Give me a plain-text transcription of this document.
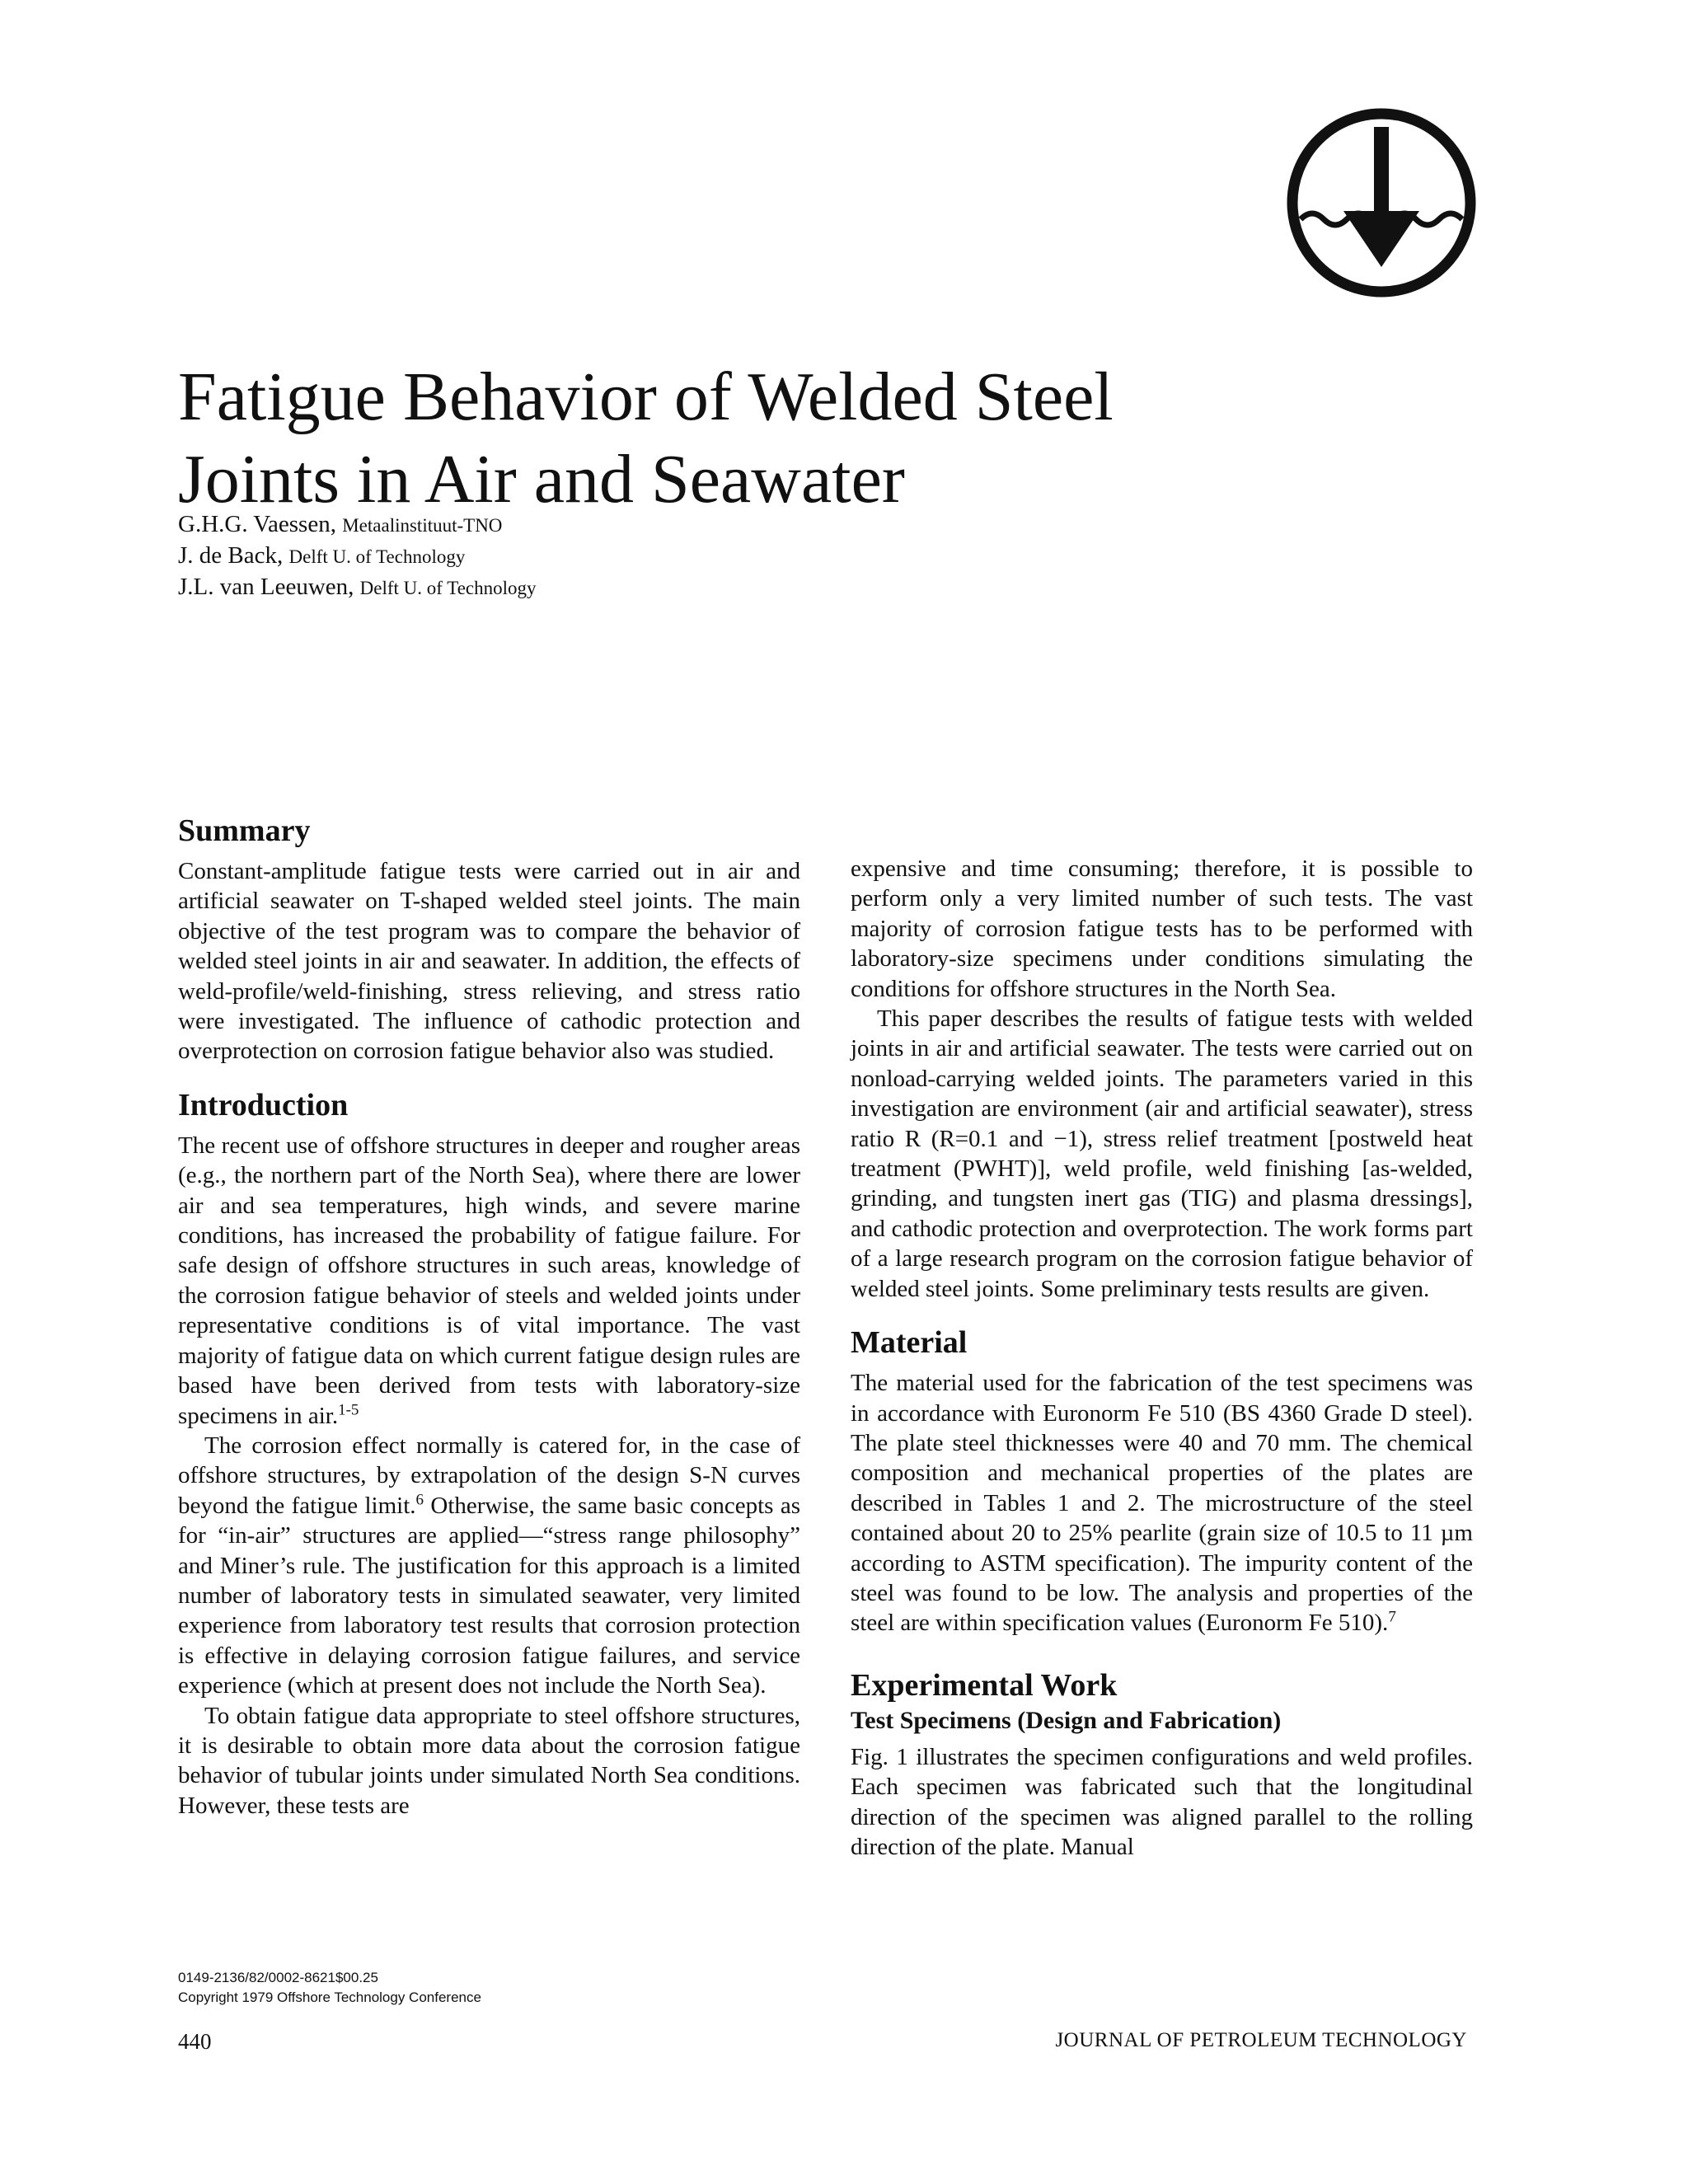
Fatigue Behavior of Welded Steel
Joints in Air and Seawater
G.H.G. Vaessen, Metaalinstituut-TNO
J. de Back, Delft U. of Technology
J.L. van Leeuwen, Delft U. of Technology
Summary

Constant-amplitude fatigue tests were carried out in air and artificial seawater on T-shaped welded steel joints. The main objective of the test program was to compare the behavior of welded steel joints in air and seawater. In addition, the effects of weld-profile/weld-finishing, stress relieving, and stress ratio were investigated. The influence of cathodic protection and overprotection on corrosion fatigue behavior also was studied.

Introduction

The recent use of offshore structures in deeper and rougher areas (e.g., the northern part of the North Sea), where there are lower air and sea temperatures, high winds, and severe marine conditions, has increased the probability of fatigue failure. For safe design of offshore structures in such areas, knowledge of the corrosion fatigue behavior of steels and welded joints under representative conditions is of vital importance. The vast majority of fatigue data on which current fatigue design rules are based have been derived from tests with laboratory-size specimens in air.$^{1-5}$

The corrosion effect normally is catered for, in the case of offshore structures, by extrapolation of the design S-N curves beyond the fatigue limit.$^6$ Otherwise, the same basic concepts as for “in-air” structures are applied—“stress range philosophy” and Miner’s rule. The justification for this approach is a limited number of laboratory tests in simulated seawater, very limited experience from laboratory test results that corrosion protection is effective in delaying corrosion fatigue failures, and service experience (which at present does not include the North Sea).

To obtain fatigue data appropriate to steel offshore structures, it is desirable to obtain more data about the corrosion fatigue behavior of tubular joints under simulated North Sea conditions. However, these tests are

expensive and time consuming; therefore, it is possible to perform only a very limited number of such tests. The vast majority of corrosion fatigue tests has to be performed with laboratory-size specimens under conditions simulating the conditions for offshore structures in the North Sea.

This paper describes the results of fatigue tests with welded joints in air and artificial seawater. The tests were carried out on nonload-carrying welded joints. The parameters varied in this investigation are environment (air and artificial seawater), stress ratio R (R=0.1 and −1), stress relief treatment [postweld heat treatment (PWHT)], weld profile, weld finishing [as-welded, grinding, and tungsten inert gas (TIG) and plasma dressings], and cathodic protection and overprotection. The work forms part of a large research program on the corrosion fatigue behavior of welded steel joints. Some preliminary tests results are given.

Material

The material used for the fabrication of the test specimens was in accordance with Euronorm Fe 510 (BS 4360 Grade D steel). The plate steel thicknesses were 40 and 70 mm. The chemical composition and mechanical properties of the plates are described in Tables 1 and 2. The microstructure of the steel contained about 20 to 25% pearlite (grain size of 10.5 to 11 µm according to ASTM specification). The impurity content of the steel was found to be low. The analysis and properties of the steel are within specification values (Euronorm Fe 510).$^7$

Experimental Work
Test Specimens (Design and Fabrication)

Fig. 1 illustrates the specimen configurations and weld profiles. Each specimen was fabricated such that the longitudinal direction of the specimen was aligned parallel to the rolling direction of the plate. Manual

0149-2136/82/0002-8621$00.25
Copyright 1979 Offshore Technology Conference
440	JOURNAL OF PETROLEUM TECHNOLOGY
